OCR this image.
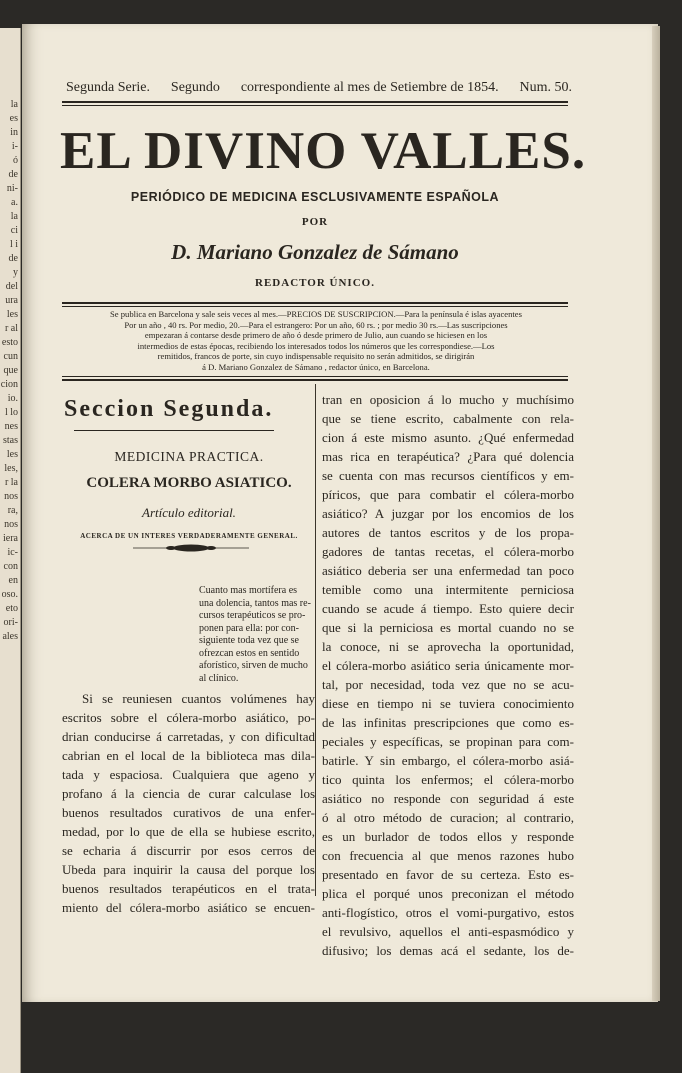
la
es
in
i-
ó
de
ni-
a.
la
ci
l i
de
y
del
ura
les
r al
esto
cun
que
cion
io.
l lo
nes
stas
les
les,
r la
nos
ra,
nos
iera
ic-
con
en
oso.
eto
ori-
ales
Segunda Serie. Segundo correspondiente al mes de Setiembre de 1854. Num. 50.
EL DIVINO VALLES.
PERIÓDICO DE MEDICINA ESCLUSIVAMENTE ESPAÑOLA
POR
D. Mariano Gonzalez de Sámano
REDACTOR ÚNICO.
Se publica en Barcelona y sale seis veces al mes.—PRECIOS DE SUSCRIPCION.—Para la península é islas ayacentes
Por un año , 40 rs. Por medio, 20.—Para el estrangero: Por un año, 60 rs. ; por medio 30 rs.—Las suscripciones
empezaran á contarse desde primero de año ó desde primero de Julio, aun cuando se hiciesen en los
intermedios de estas épocas, recibiendo los interesados todos los números que les correspondiese.—Los
remitidos, francos de porte, sin cuyo indispensable requisito no serán admitidos, se dirigirán
á D. Mariano Gonzalez de Sámano , redactor único, en Barcelona.
Seccion Segunda.
MEDICINA PRACTICA.
COLERA MORBO ASIATICO.
Artículo editorial.
ACERCA DE UN INTERES VERDADERAMENTE GENERAL.
Cuanto mas mortífera es
una dolencia, tantos mas re-
cursos terapéuticos se pro-
ponen para ella: por con-
siguiente toda vez que se
ofrezcan estos en sentido
aforístico, sirven de mucho
al clínico.
Si se reuniesen cuantos volúmenes hay
escritos sobre el cólera-morbo asiático, po-
drian conducirse á carretadas, y con dificultad
cabrian en el local de la biblioteca mas dila-
tada y espaciosa. Cualquiera que ageno y
profano á la ciencia de curar calculase los
buenos resultados curativos de una enfer-
medad, por lo que de ella se hubiese escrito,
se echaria á discurrir por esos cerros de
Ubeda para inquirir la causa del porque los
buenos resultados terapéuticos en el trata-
miento del cólera-morbo asiático se encuen-
tran en oposicion á lo mucho y muchísimo
que se tiene escrito, cabalmente con rela-
cion á este mismo asunto. ¿Qué enfermedad
mas rica en terapéutica? ¿Para qué dolencia
se cuenta con mas recursos científicos y em-
píricos, que para combatir el cólera-morbo
asiático? A juzgar por los encomios de los
autores de tantos escritos y de los propa-
gadores de tantas recetas, el cólera-morbo
asiático deberia ser una enfermedad tan poco
temible como una intermitente perniciosa
cuando se acude á tiempo. Esto quiere decir
que si la perniciosa es mortal cuando no se
la conoce, ni se aprovecha la oportunidad,
el cólera-morbo asiático seria únicamente mor-
tal, por necesidad, toda vez que no se acu-
diese en tiempo ni se tuviera conocimiento
de las infinitas prescripciones que como es-
peciales y específicas, se propinan para com-
batirle. Y sin embargo, el cólera-morbo asiá-
tico quinta los enfermos; el cólera-morbo
asiático no responde con seguridad á este
ó al otro método de curacion; al contrario,
es un burlador de todos ellos y responde
con frecuencia al que menos razones hubo
presentado en favor de su certeza. Esto es-
plica el porqué unos preconizan el método
anti-flogístico, otros el vomi-purgativo, estos
el revulsivo, aquellos el anti-espasmódico y
difusivo; los demas acá el sedante, los de-
